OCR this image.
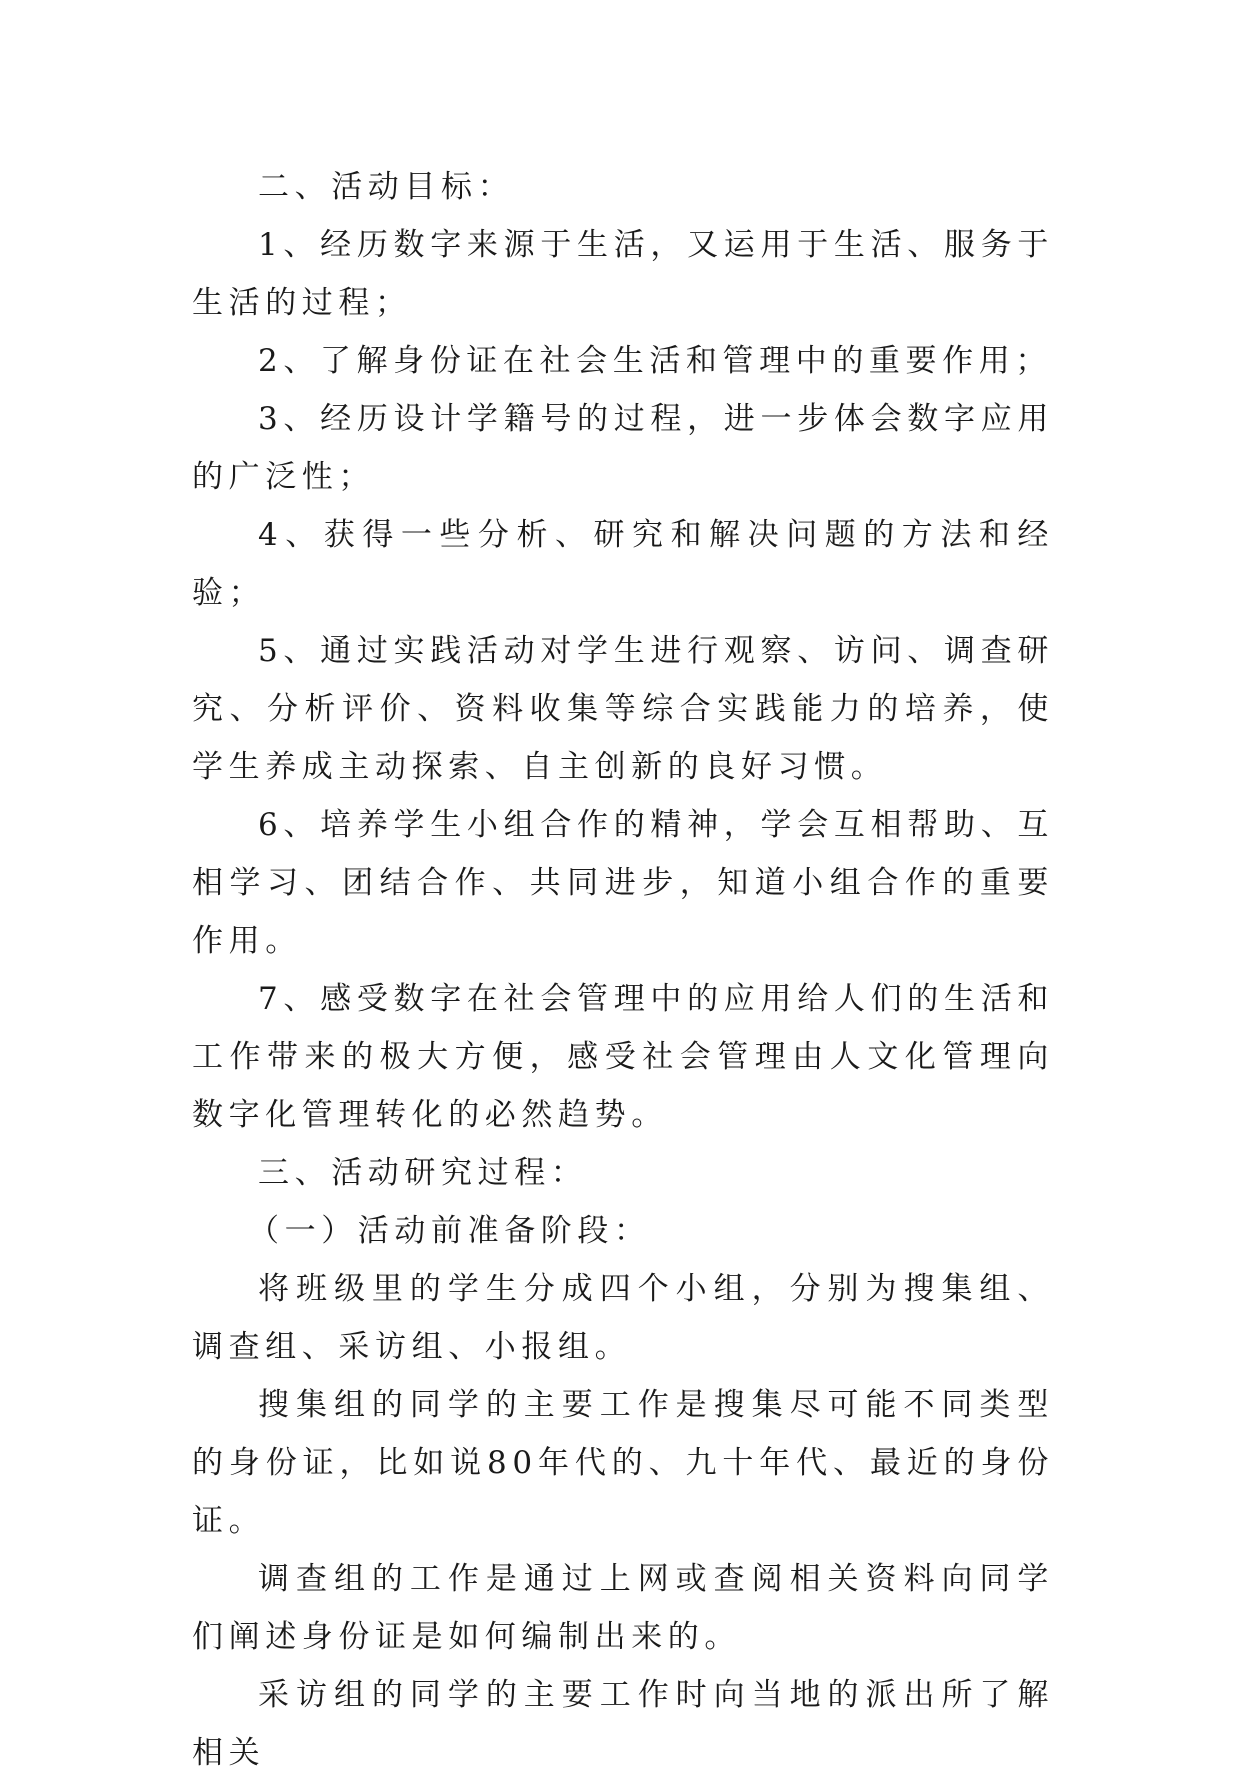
二、活动目标：

1、经历数字来源于生活，又运用于生活、服务于生活的过程；

2、了解身份证在社会生活和管理中的重要作用；

3、经历设计学籍号的过程，进一步体会数字应用的广泛性；

4、获得一些分析、研究和解决问题的方法和经验；

5、通过实践活动对学生进行观察、访问、调查研究、分析评价、资料收集等综合实践能力的培养，使学生养成主动探索、自主创新的良好习惯。

6、培养学生小组合作的精神，学会互相帮助、互相学习、团结合作、共同进步，知道小组合作的重要作用。

7、感受数字在社会管理中的应用给人们的生活和工作带来的极大方便，感受社会管理由人文化管理向数字化管理转化的必然趋势。

三、活动研究过程：

（一）活动前准备阶段：

将班级里的学生分成四个小组，分别为搜集组、调查组、采访组、小报组。

搜集组的同学的主要工作是搜集尽可能不同类型的身份证，比如说80年代的、九十年代、最近的身份证。

调查组的工作是通过上网或查阅相关资料向同学们阐述身份证是如何编制出来的。

采访组的同学的主要工作时向当地的派出所了解相关
